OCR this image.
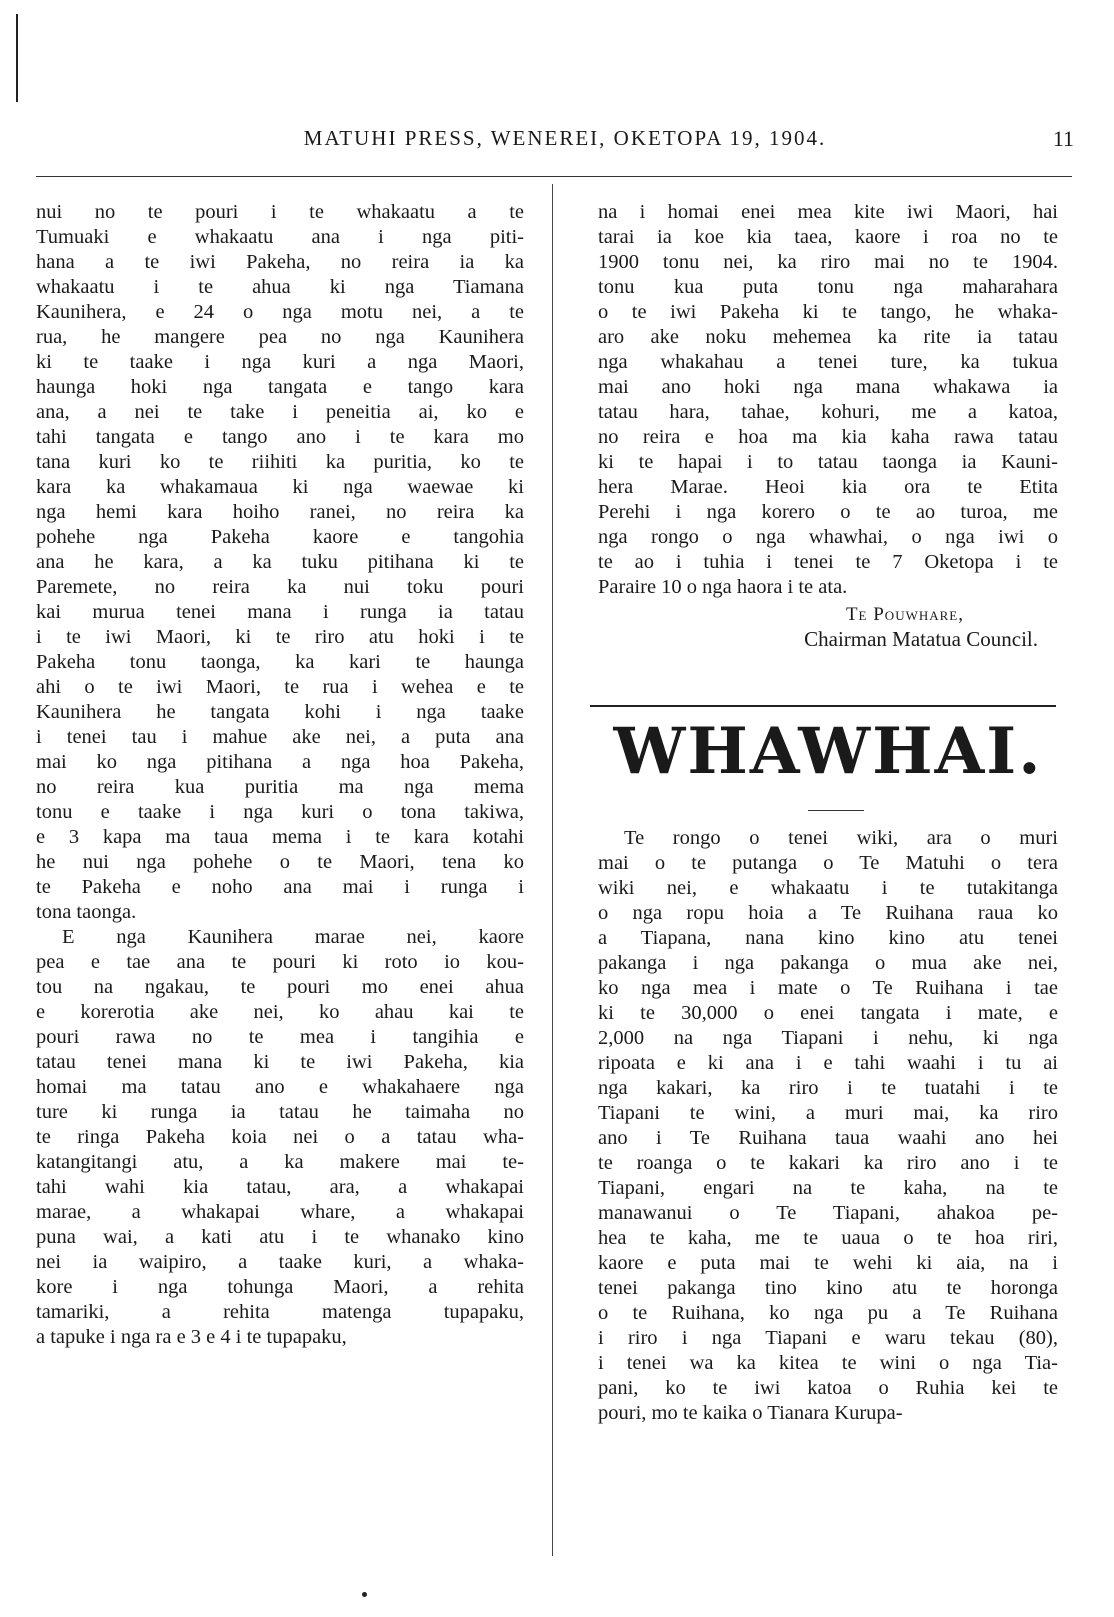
MATUHI PRESS, WENEREI, OKETOPA 19, 1904.	11

nui no te pouri i te whakaatu a te

Tumuaki e whakaatu ana i nga piti-

hana a te iwi Pakeha, no reira ia ka

whakaatu i te ahua ki nga Tiamana

Kaunihera, e 24 o nga motu nei, a te

rua, he mangere pea no nga Kaunihera

ki te taake i nga kuri a nga Maori,

haunga hoki nga tangata e tango kara

ana, a nei te take i peneitia ai, ko e

tahi tangata e tango ano i te kara mo

tana kuri ko te riihiti ka puritia, ko te

kara ka whakamaua ki nga waewae ki

nga hemi kara hoiho ranei, no reira ka

pohehe nga Pakeha kaore e tangohia

ana he kara, a ka tuku pitihana ki te

Paremete, no reira ka nui toku pouri

kai murua tenei mana i runga ia tatau

i te iwi Maori, ki te riro atu hoki i te

Pakeha tonu taonga, ka kari te haunga

ahi o te iwi Maori, te rua i wehea e te

Kaunihera he tangata kohi i nga taake

i tenei tau i mahue ake nei, a puta ana

mai ko nga pitihana a nga hoa Pakeha,

no reira kua puritia ma nga mema

tonu e taake i nga kuri o tona takiwa,

e 3 kapa ma taua mema i te kara kotahi

he nui nga pohehe o te Maori, tena ko

te Pakeha e noho ana mai i runga i

tona taonga.

E nga Kaunihera marae nei, kaore

pea e tae ana te pouri ki roto io kou-

tou na ngakau, te pouri mo enei ahua

e korerotia ake nei, ko ahau kai te

pouri rawa no te mea i tangihia e

tatau tenei mana ki te iwi Pakeha, kia

homai ma tatau ano e whakahaere nga

ture ki runga ia tatau he taimaha no

te ringa Pakeha koia nei o a tatau wha-

katangitangi atu, a ka makere mai te-

tahi wahi kia tatau, ara, a whakapai

marae, a whakapai whare, a whakapai

puna wai, a kati atu i te whanako kino

nei ia waipiro, a taake kuri, a whaka-

kore i nga tohunga Maori, a rehita

tamariki, a rehita matenga tupapaku,

a tapuke i nga ra e 3 e 4 i te tupapaku,

na i homai enei mea kite iwi Maori, hai

tarai ia koe kia taea, kaore i roa no te

1900 tonu nei, ka riro mai no te 1904.

tonu kua puta tonu nga maharahara

o te iwi Pakeha ki te tango, he whaka-

aro ake noku mehemea ka rite ia tatau

nga whakahau a tenei ture, ka tukua

mai ano hoki nga mana whakawa ia

tatau hara, tahae, kohuri, me a katoa,

no reira e hoa ma kia kaha rawa tatau

ki te hapai i to tatau taonga ia Kauni-

hera Marae. Heoi kia ora te Etita

Perehi i nga korero o te ao turoa, me

nga rongo o nga whawhai, o nga iwi o

te ao i tuhia i tenei te 7 Oketopa i te

Paraire 10 o nga haora i te ata.

Te Pouwhare,
Chairman Matatua Council.
WHAWHAI.

Te rongo o tenei wiki, ara o muri

mai o te putanga o Te Matuhi o tera

wiki nei, e whakaatu i te tutakitanga

o nga ropu hoia a Te Ruihana raua ko

a Tiapana, nana kino kino atu tenei

pakanga i nga pakanga o mua ake nei,

ko nga mea i mate o Te Ruihana i tae

ki te 30,000 o enei tangata i mate, e

2,000 na nga Tiapani i nehu, ki nga

ripoata e ki ana i e tahi waahi i tu ai

nga kakari, ka riro i te tuatahi i te

Tiapani te wini, a muri mai, ka riro

ano i Te Ruihana taua waahi ano hei

te roanga o te kakari ka riro ano i te

Tiapani, engari na te kaha, na te

manawanui o Te Tiapani, ahakoa pe-

hea te kaha, me te uaua o te hoa riri,

kaore e puta mai te wehi ki aia, na i

tenei pakanga tino kino atu te horonga

o te Ruihana, ko nga pu a Te Ruihana

i riro i nga Tiapani e waru tekau (80),

i tenei wa ka kitea te wini o nga Tia-

pani, ko te iwi katoa o Ruhia kei te

pouri, mo te kaika o Tianara Kurupa-
